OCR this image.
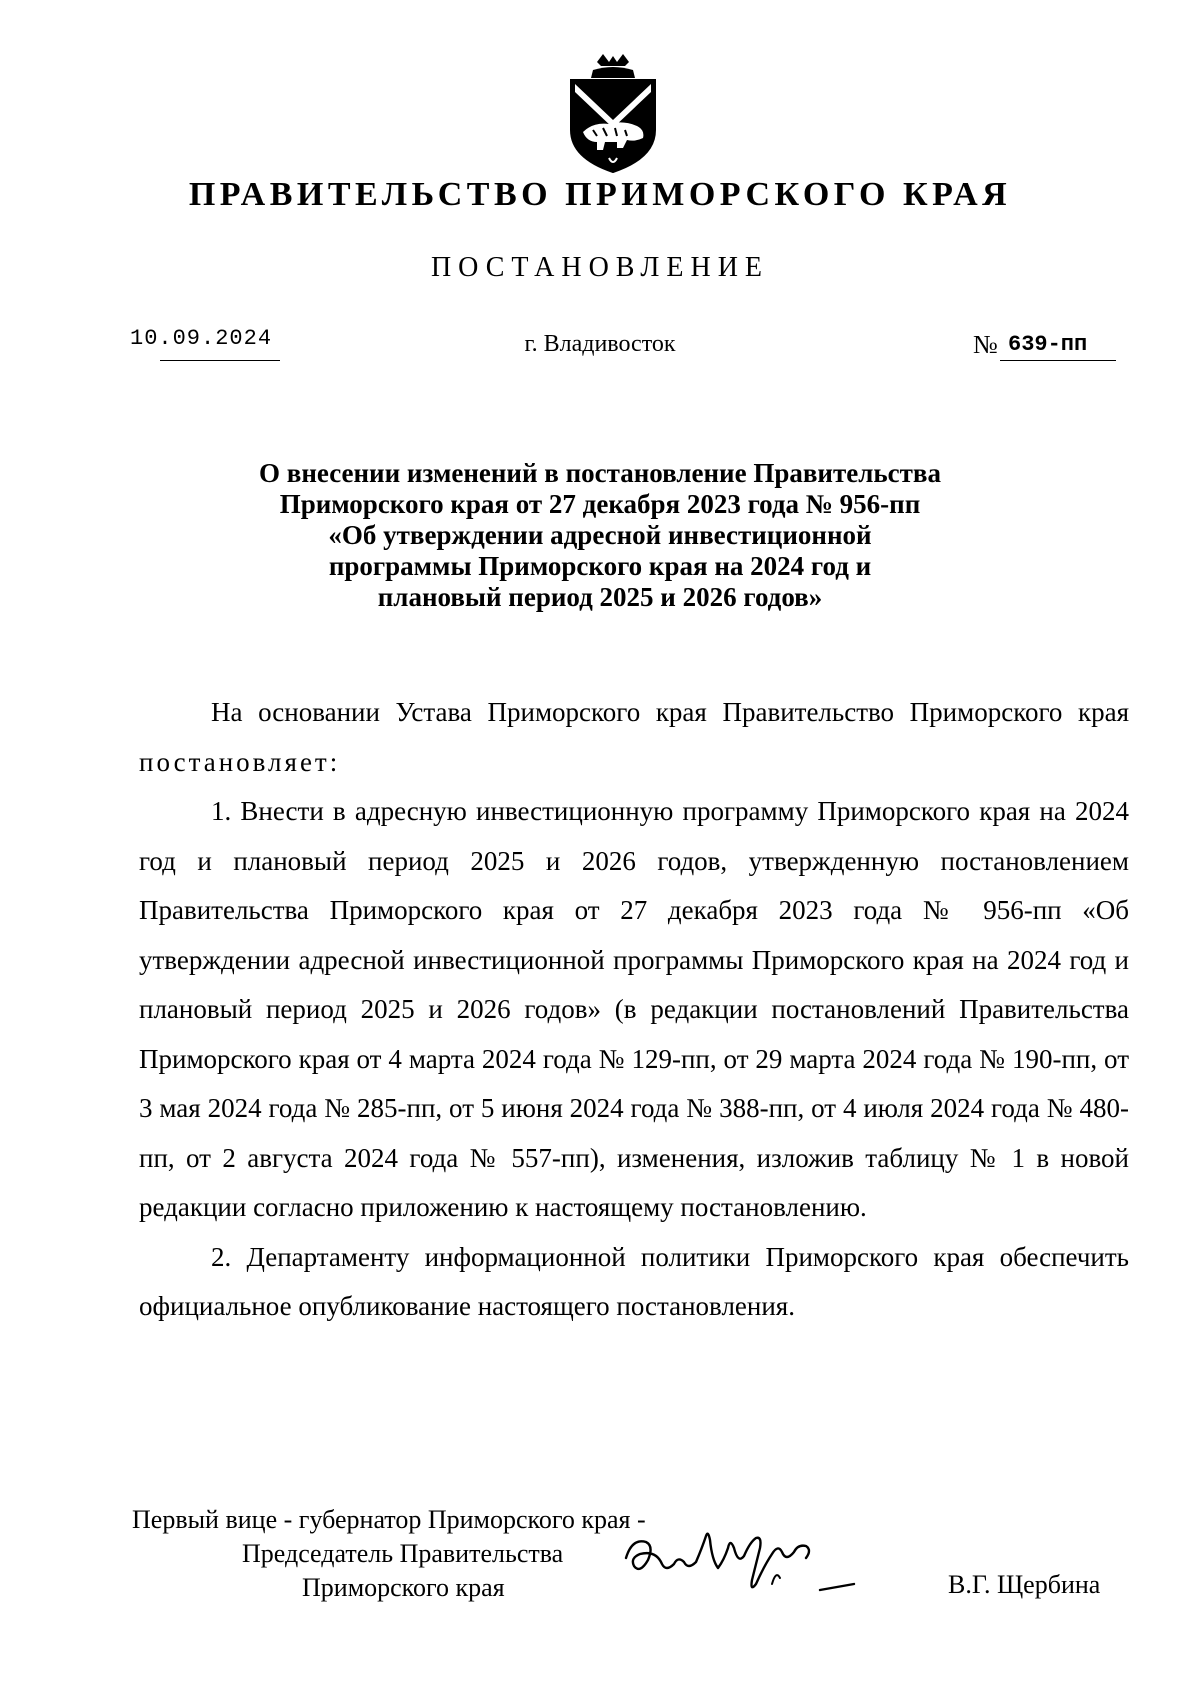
ПРАВИТЕЛЬСТВО ПРИМОРСКОГО КРАЯ
ПОСТАНОВЛЕНИЕ
10.09.2024	г. Владивосток	№ 639-пп
О внесении изменений в постановление Правительства
Приморского края от 27 декабря 2023 года № 956-пп
«Об утверждении адресной инвестиционной
программы Приморского края на 2024 год и
плановый период 2025 и 2026 годов»

На основании Устава Приморского края Правительство Приморского края постановляет:

1. Внести в адресную инвестиционную программу Приморского края на 2024 год и плановый период 2025 и 2026 годов, утвержденную постановлением Правительства Приморского края от 27 декабря 2023 года № 956-пп «Об утверждении адресной инвестиционной программы Приморского края на 2024 год и плановый период 2025 и 2026 годов» (в редакции постановлений Правительства Приморского края от 4 марта 2024 года № 129-пп, от 29 марта 2024 года № 190-пп, от 3 мая 2024 года № 285-пп, от 5 июня 2024 года № 388-пп, от 4 июля 2024 года № 480-пп, от 2 августа 2024 года № 557-пп), изменения, изложив таблицу № 1 в новой редакции согласно приложению к настоящему постановлению.

2. Департаменту информационной политики Приморского края обеспечить официальное опубликование настоящего постановления.

Первый вице - губернатор Приморского края -
Председатель Правительства
Приморского края	В.Г. Щербина
